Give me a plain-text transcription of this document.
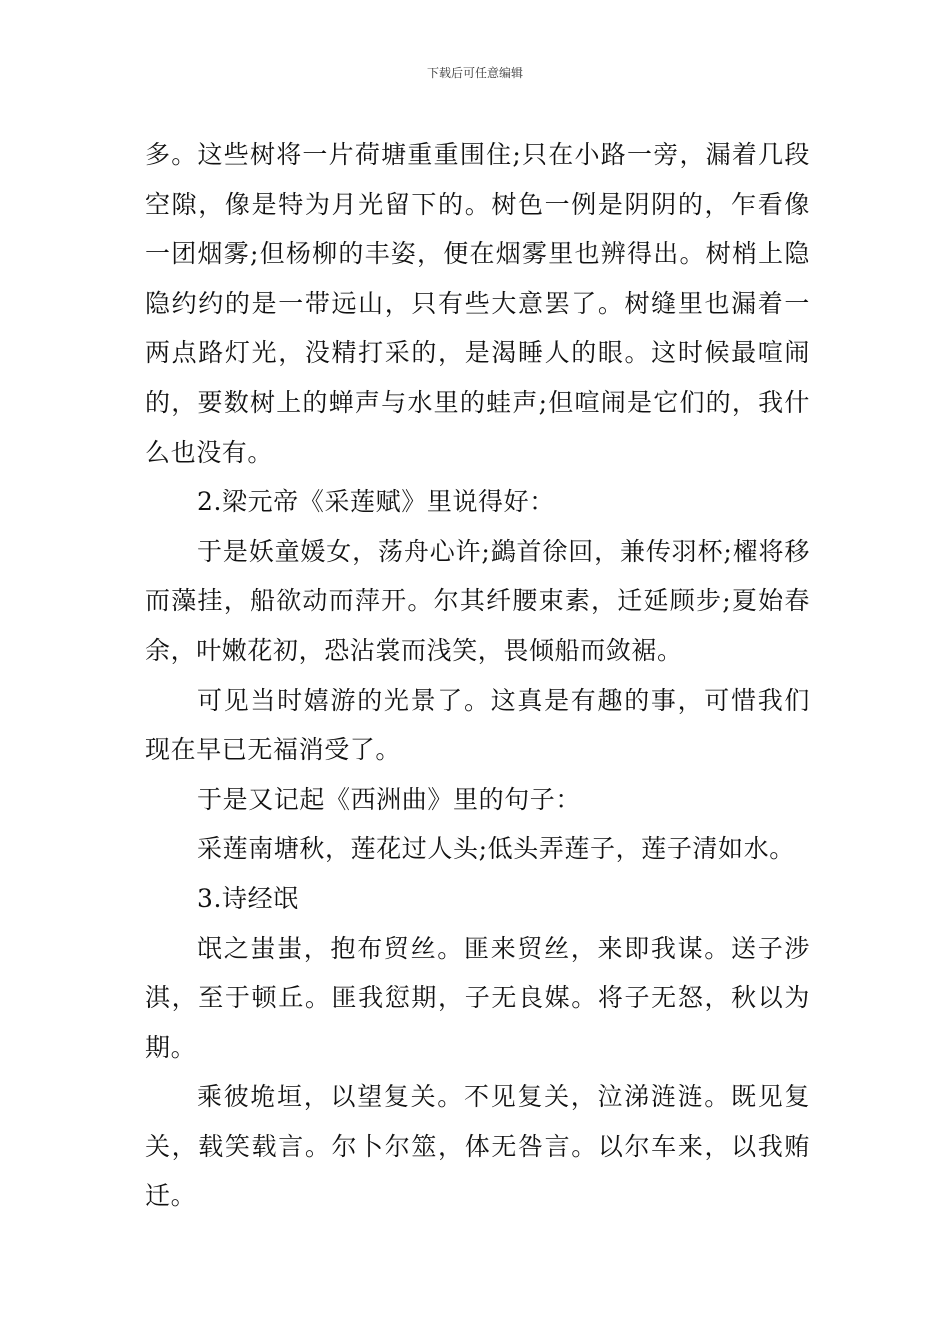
下载后可任意编辑

多。这些树将一片荷塘重重围住;只在小路一旁，漏着几段空隙，像是特为月光留下的。树色一例是阴阴的，乍看像一团烟雾;但杨柳的丰姿，便在烟雾里也辨得出。树梢上隐隐约约的是一带远山，只有些大意罢了。树缝里也漏着一两点路灯光，没精打采的，是渴睡人的眼。这时候最喧闹的，要数树上的蝉声与水里的蛙声;但喧闹是它们的，我什么也没有。

2.梁元帝《采莲赋》里说得好：

于是妖童媛女，荡舟心许;鷁首徐回，兼传羽杯;櫂将移而藻挂，船欲动而萍开。尔其纤腰束素，迁延顾步;夏始春余，叶嫩花初，恐沾裳而浅笑，畏倾船而敛裾。

可见当时嬉游的光景了。这真是有趣的事，可惜我们现在早已无福消受了。

于是又记起《西洲曲》里的句子：

采莲南塘秋，莲花过人头;低头弄莲子，莲子清如水。

3.诗经氓

氓之蚩蚩，抱布贸丝。匪来贸丝，来即我谋。送子涉淇，至于顿丘。匪我愆期，子无良媒。将子无怒，秋以为期。

乘彼垝垣，以望复关。不见复关，泣涕涟涟。既见复关，载笑载言。尔卜尔筮，体无咎言。以尔车来，以我贿迁。
